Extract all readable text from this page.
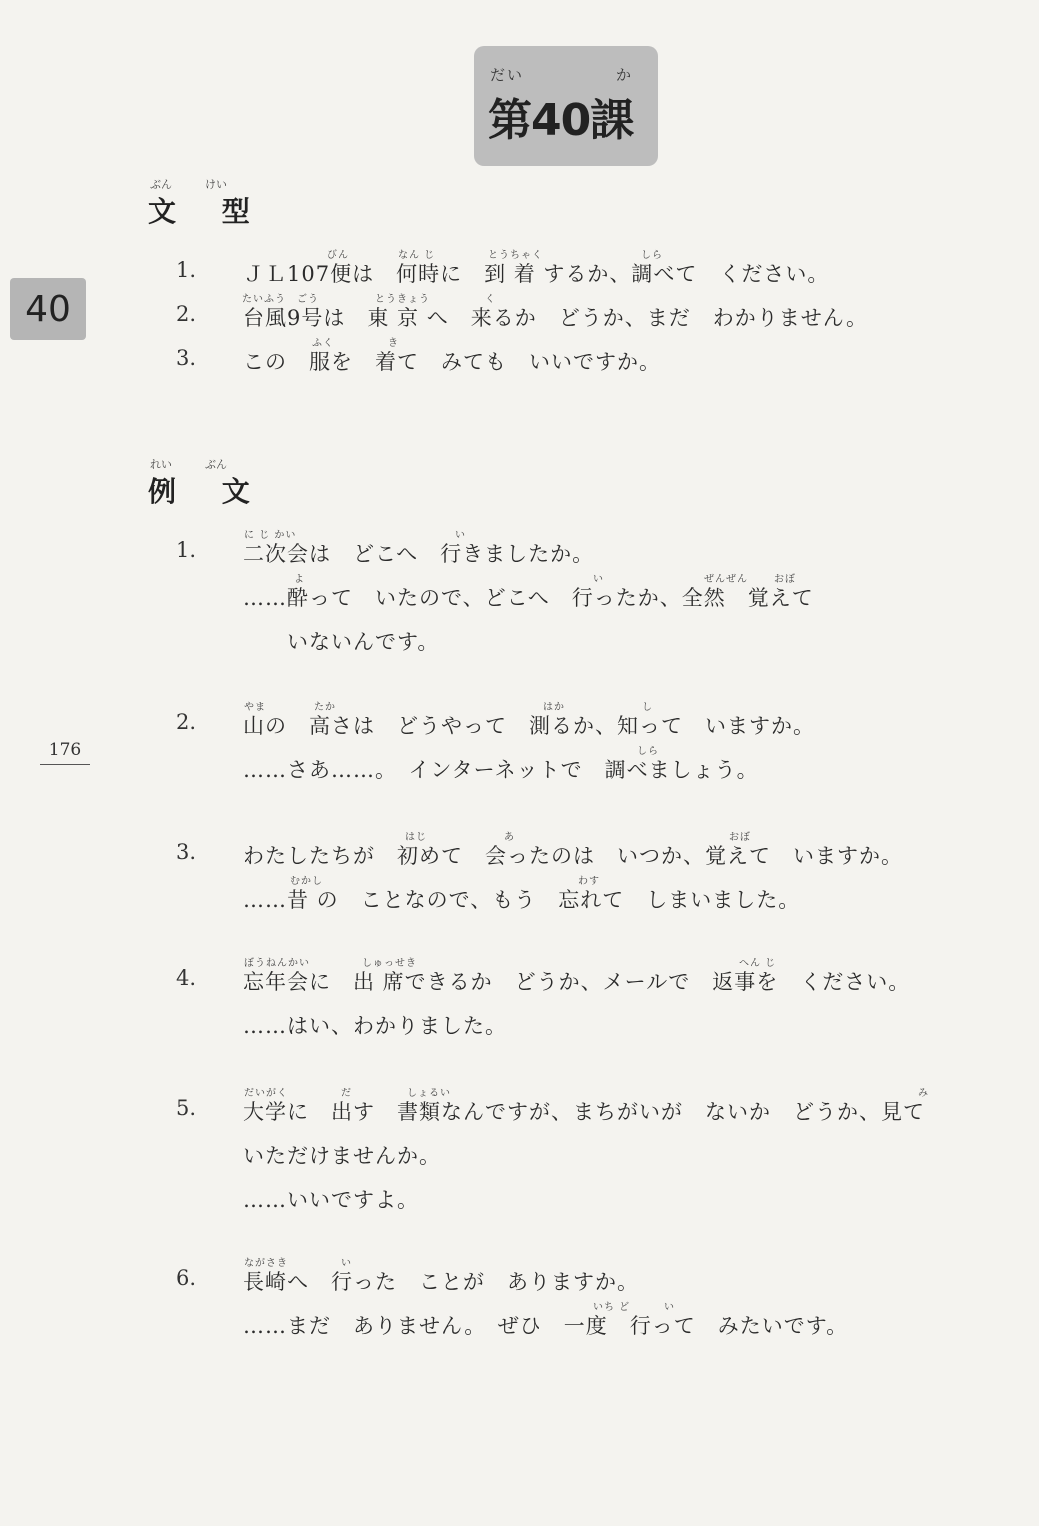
だい	か
第40課
40
176
ぶん	けい
文 型
1. ＪＬ107便は　何時に　到 着 するか、調べて　ください。
びん	なん じ	とうちゃく	しら
2. 台風9号は　東 京 へ　来るか　どうか、まだ　わかりません。
たいふう　ごう	とうきょう	く
3. この　服を　着て　みても　いいですか。
ふく	き
れい	ぶん
例 文
1. 二次会は　どこへ　行きましたか。
に じ かい	い
……酔って　いたので、どこへ　行ったか、全然　覚えて
よ	い	ぜんぜん	おぼ
　　いないんです。
2. 山の　高さは　どうやって　測るか、知って　いますか。
やま	たか	はか	し
……さあ……。　インターネットで　調べましょう。
しら
3. わたしたちが　初めて　会ったのは　いつか、覚えて　いますか。
はじ	あ	おぼ
……昔 の　ことなので、もう　忘れて　しまいました。
むかし	わす
4. 忘年会に　出 席できるか　どうか、メールで　返事を　ください。
ぼうねんかい	しゅっせき	へん じ
……はい、わかりました。
5. 大学に　出す　書類なんですが、まちがいが　ないか　どうか、見て
だいがく	だ	しょるい	み
いただけませんか。
……いいですよ。
6. 長崎へ　行った　ことが　ありますか。
ながさき	い
……まだ　ありません。　ぜひ　一度　行って　みたいです。
いち ど	い
